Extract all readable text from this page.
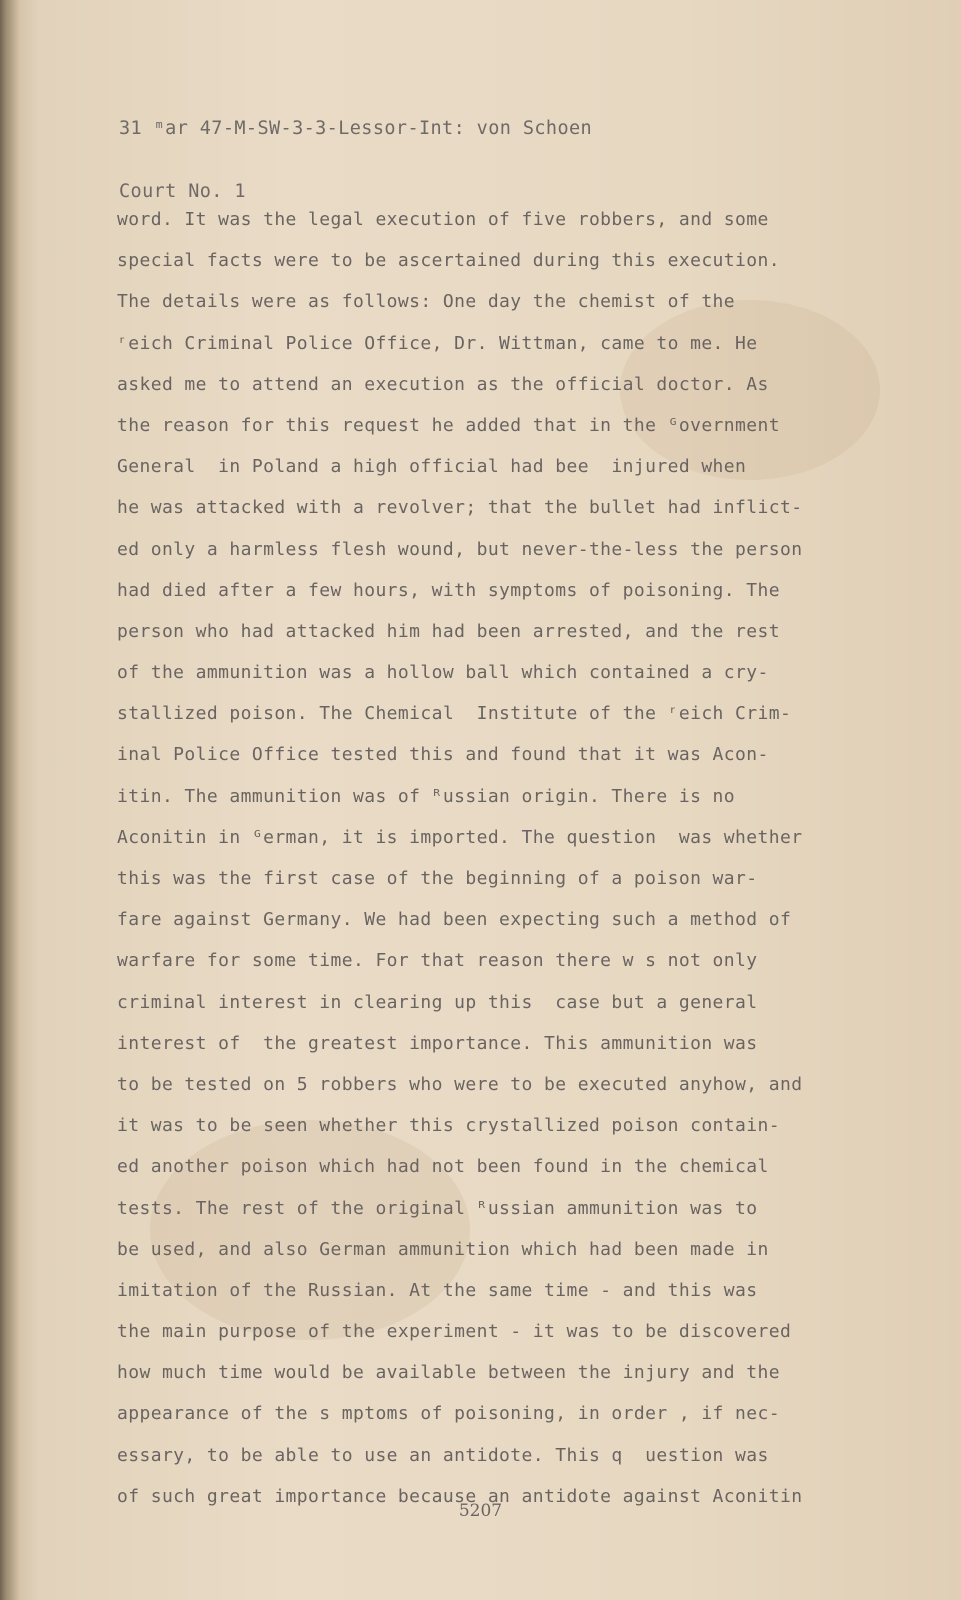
31 ᵐar 47-M-SW-3-3-Lessor-Int: von Schoen

Court No. 1

word. It was the legal execution of five robbers, and some
special facts were to be ascertained during this execution.
The details were as follows: One day the chemist of the
ʳeich Criminal Police Office, Dr. Wittman, came to me. He
asked me to attend an execution as the official doctor. As
the reason for this request he added that in the ᴳovernment
General  in Poland a high official had bee  injured when
he was attacked with a revolver; that the bullet had inflict-
ed only a harmless flesh wound, but never-the-less the person
had died after a few hours, with symptoms of poisoning. The
person who had attacked him had been arrested, and the rest
of the ammunition was a hollow ball which contained a cry-
stallized poison. The Chemical  Institute of the ʳeich Crim-
inal Police Office tested this and found that it was Acon-
itin. The ammunition was of ᴿussian origin. There is no
Aconitin in ᴳerman, it is imported. The question  was whether
this was the first case of the beginning of a poison war-
fare against Germany. We had been expecting such a method of
warfare for some time. For that reason there w s not only
criminal interest in clearing up this  case but a general
interest of  the greatest importance. This ammunition was
to be tested on 5 robbers who were to be executed anyhow, and
it was to be seen whether this crystallized poison contain-
ed another poison which had not been found in the chemical
tests. The rest of the original ᴿussian ammunition was to
be used, and also German ammunition which had been made in
imitation of the Russian. At the same time - and this was
the main purpose of the experiment - it was to be discovered
how much time would be available between the injury and the
appearance of the s mptoms of poisoning, in order , if nec-
essary, to be able to use an antidote. This q  uestion was
of such great importance because an antidote against Aconitin
5207
